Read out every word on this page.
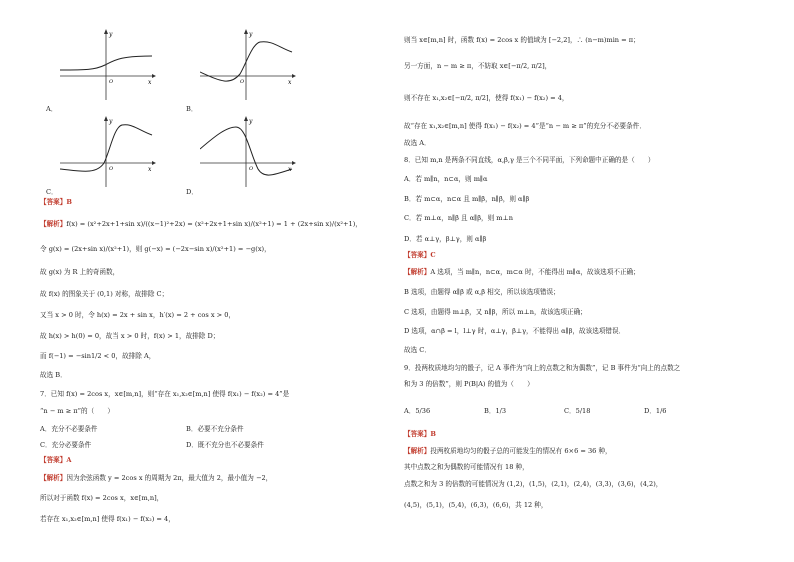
y
x
O
A．
y
x
O
B．
y
x
O
C．
y
x
O
D．
【答案】B
【解析】f(x) = (x²+2x+1+sin x)/((x−1)²+2x) = (x²+2x+1+sin x)/(x²+1) = 1 + (2x+sin x)/(x²+1)，
令 g(x) = (2x+sin x)/(x²+1)，则 g(−x) = (−2x−sin x)/(x²+1) = −g(x)，
故 g(x) 为 R 上的奇函数，
故 f(x) 的图象关于 (0,1) 对称，故排除 C；
又当 x > 0 时，令 h(x) = 2x + sin x，h′(x) = 2 + cos x > 0，
故 h(x) > h(0) = 0，故当 x > 0 时，f(x) > 1，故排除 D；
而 f(−1) = −sin1/2 < 0，故排除 A，
故选 B．
7．已知 f(x) = 2cos x，x∈[m,n]，则“存在 x₁,x₂∈[m,n] 使得 f(x₁) − f(x₂) = 4”是
“n − m ≥ π”的（　　）
A．充分不必要条件	B．必要不充分条件
C．充分必要条件	D．既不充分也不必要条件
【答案】A
【解析】因为余弦函数 y = 2cos x 的周期为 2π，最大值为 2，最小值为 −2，
所以对于函数 f(x) = 2cos x，x∈[m,n]，
若存在 x₁,x₂∈[m,n] 使得 f(x₁) − f(x₂) = 4，
则当 x∈[m,n] 时，函数 f(x) = 2cos x 的值域为 [−2,2]，∴ (n−m)min = π；
另一方面，n − m ≥ π，不妨取 x∈[−π/2, π/2]，
则不存在 x₁,x₂∈[−π/2, π/2]，使得 f(x₁) − f(x₂) = 4，
故“存在 x₁,x₂∈[m,n] 使得 f(x₁) − f(x₂) = 4”是“n − m ≥ π”的充分不必要条件．
故选 A．
8．已知 m,n 是两条不同直线，α,β,γ 是三个不同平面，下列命题中正确的是（　　）
A．若 m∥n，n⊂α，则 m∥α
B．若 m⊂α，n⊂α 且 m∥β，n∥β，则 α∥β
C．若 m⊥α，n∥β 且 α∥β，则 m⊥n
D．若 α⊥γ，β⊥γ，则 α∥β
【答案】C
【解析】A 选项，当 m∥n，n⊂α，m⊂α 时，不能得出 m∥α，故该选项不正确；
B 选项，由题得 α∥β 或 α,β 相交，所以该选项错误；
C 选项，由题得 m⊥β，又 n∥β，所以 m⊥n，故该选项正确；
D 选项，α∩β = l，l⊥γ 时，α⊥γ，β⊥γ，不能得出 α∥β，故该选项错误．
故选 C．
9．投两枚质地均匀的骰子，记 A 事件为“向上的点数之和为偶数”，记 B 事件为“向上的点数之
和为 3 的倍数”，则 P(B|A) 的值为（　　）
A．5/36	B．1/3	C．5/18	D．1/6
【答案】B
【解析】投两枚质地均匀的骰子总的可能发生的情况有 6×6 = 36 种，
其中点数之和为偶数的可能情况有 18 种，
点数之和为 3 的倍数的可能情况为 (1,2)，(1,5)，(2,1)，(2,4)，(3,3)，(3,6)，(4,2)，
(4,5)，(5,1)，(5,4)，(6,3)，(6,6)，共 12 种，
